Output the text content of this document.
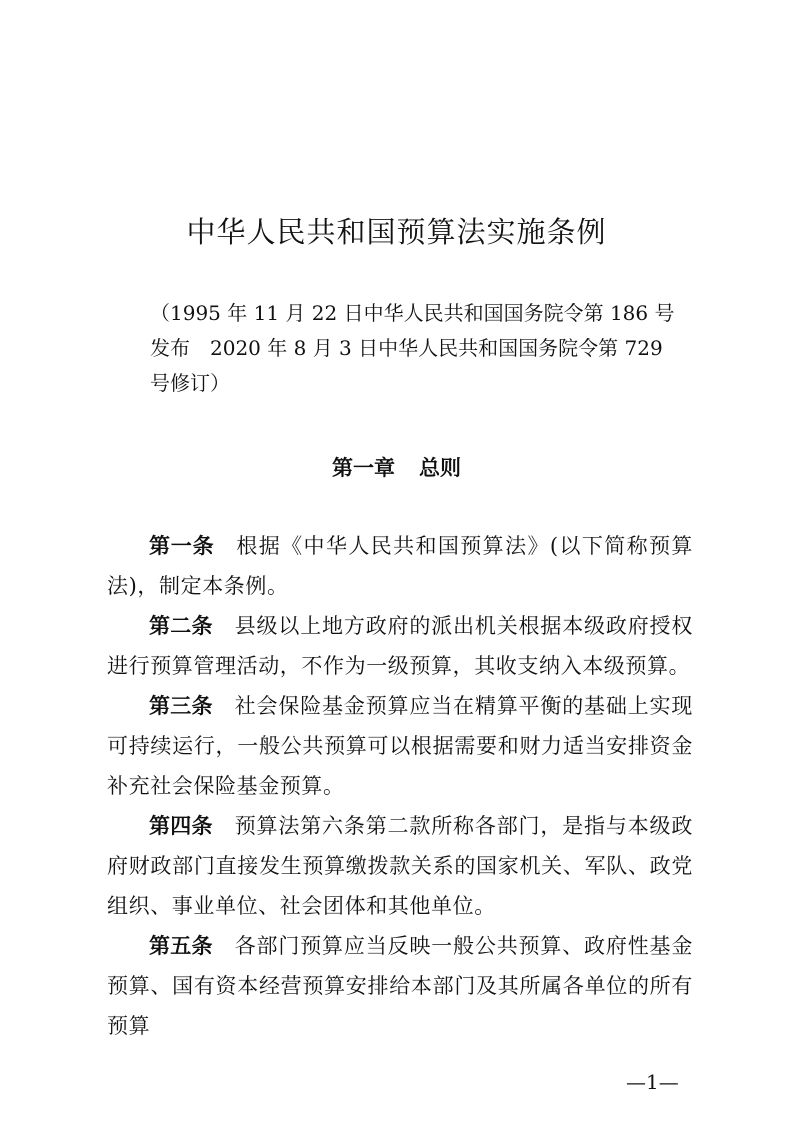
中华人民共和国预算法实施条例

（1995 年 11 月 22 日中华人民共和国国务院令第 186 号
发布　2020 年 8 月 3 日中华人民共和国国务院令第 729
号修订）

第一章 总则

第一条 根据《中华人民共和国预算法》(以下简称预算法)，制定本条例。

第二条 县级以上地方政府的派出机关根据本级政府授权进行预算管理活动，不作为一级预算，其收支纳入本级预算。

第三条 社会保险基金预算应当在精算平衡的基础上实现可持续运行，一般公共预算可以根据需要和财力适当安排资金补充社会保险基金预算。

第四条 预算法第六条第二款所称各部门，是指与本级政府财政部门直接发生预算缴拨款关系的国家机关、军队、政党组织、事业单位、社会团体和其他单位。

第五条 各部门预算应当反映一般公共预算、政府性基金预算、国有资本经营预算安排给本部门及其所属各单位的所有预算

—1—
